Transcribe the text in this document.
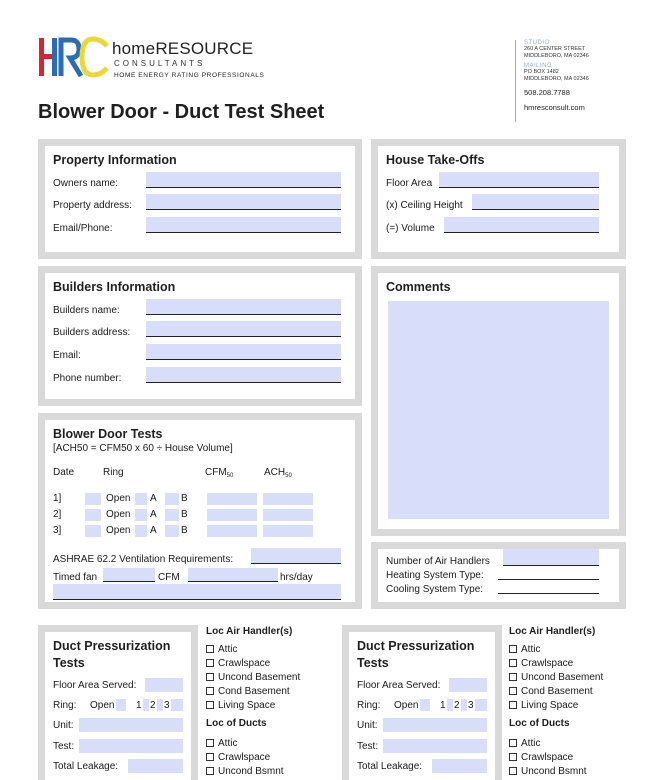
homeRESOURCE
CONSULTANTS
HOME ENERGY RATING PROFESSIONALS
Blower Door - Duct Test Sheet
STUDIO
260 A CENTER STREET
MIDDLEBORO, MA 02346
MAILING
PO BOX 1482
MIDDLEBORO, MA 02346
508.208.7788
hmresconsult.com
Property Information
Owners name:
Property address:
Email/Phone:
House Take-Offs
Floor Area
(x) Ceiling Height
(=) Volume
Builders Information
Builders name:
Builders address:
Email:
Phone number:
Comments
Blower Door Tests
[ACH50 = CFM50 x 60 ÷ House Volume]
Date	Ring	$CFM_{50}$	$ACH_{50}$
1]	Open A B
2]	Open A B
3]	Open A B
ASHRAE 62.2 Ventilation Requirements:
Timed fan	CFM	hrs/day
Number of Air Handlers
Heating System Type:
Cooling System Type:
Duct Pressurization
Tests
Floor Area Served:
Ring: Open 1 2 3
Unit:
Test:
Total Leakage:
Loc Air Handler(s)
Attic
Crawlspace
Uncond Basement
Cond Basement
Living Space
Loc of Ducts
Attic
Crawlspace
Uncond Bsmnt
Duct Pressurization
Tests
Floor Area Served:
Ring: Open 1 2 3
Unit:
Test:
Total Leakage:
Loc Air Handler(s)
Attic
Crawlspace
Uncond Basement
Cond Basement
Living Space
Loc of Ducts
Attic
Crawlspace
Uncond Bsmnt
